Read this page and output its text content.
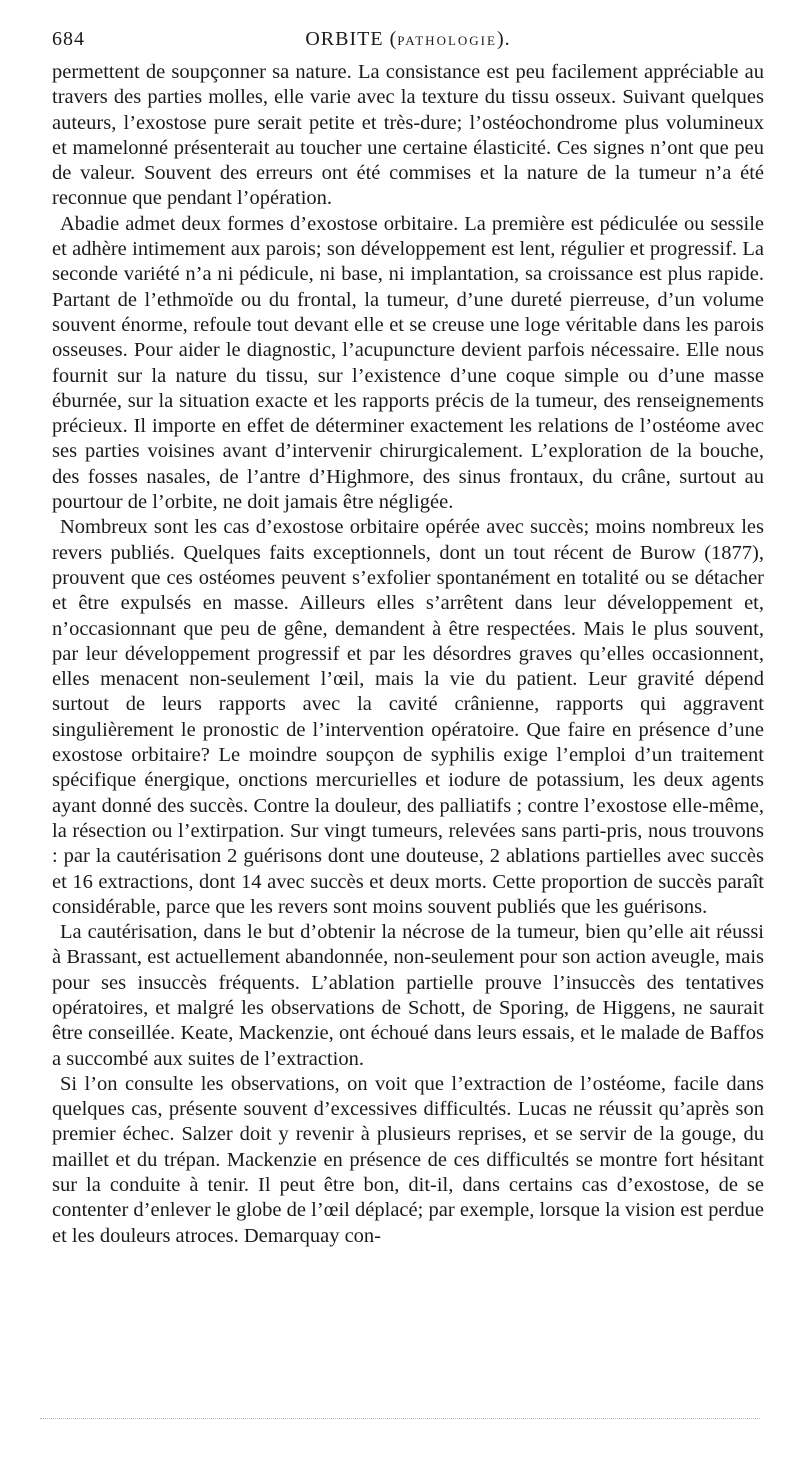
684	ORBITE (PATHOLOGIE).

permettent de soupçonner sa nature. La consistance est peu facilement appréciable au travers des parties molles, elle varie avec la texture du tissu osseux. Suivant quelques auteurs, l’exostose pure serait petite et très-dure; l’ostéochondrome plus volumineux et mamelonné présenterait au toucher une certaine élasticité. Ces signes n’ont que peu de valeur. Souvent des erreurs ont été commises et la nature de la tumeur n’a été reconnue que pendant l’opération.

Abadie admet deux formes d’exostose orbitaire. La première est pédiculée ou sessile et adhère intimement aux parois; son développement est lent, régulier et progressif. La seconde variété n’a ni pédicule, ni base, ni implantation, sa croissance est plus rapide. Partant de l’ethmoïde ou du frontal, la tumeur, d’une dureté pierreuse, d’un volume souvent énorme, refoule tout devant elle et se creuse une loge véritable dans les parois osseuses. Pour aider le diagnostic, l’acupuncture devient parfois nécessaire. Elle nous fournit sur la nature du tissu, sur l’existence d’une coque simple ou d’une masse éburnée, sur la situation exacte et les rapports précis de la tumeur, des renseignements précieux. Il importe en effet de déterminer exactement les relations de l’ostéome avec ses parties voisines avant d’intervenir chirurgicalement. L’exploration de la bouche, des fosses nasales, de l’antre d’Highmore, des sinus frontaux, du crâne, surtout au pourtour de l’orbite, ne doit jamais être négligée.

Nombreux sont les cas d’exostose orbitaire opérée avec succès; moins nombreux les revers publiés. Quelques faits exceptionnels, dont un tout récent de Burow (1877), prouvent que ces ostéomes peuvent s’exfolier spontanément en totalité ou se détacher et être expulsés en masse. Ailleurs elles s’arrêtent dans leur développement et, n’occasionnant que peu de gêne, demandent à être respectées. Mais le plus souvent, par leur développement progressif et par les désordres graves qu’elles occasionnent, elles menacent non-seulement l’œil, mais la vie du patient. Leur gravité dépend surtout de leurs rapports avec la cavité crânienne, rapports qui aggravent singulièrement le pronostic de l’intervention opératoire. Que faire en présence d’une exostose orbitaire? Le moindre soupçon de syphilis exige l’emploi d’un traitement spécifique énergique, onctions mercurielles et iodure de potassium, les deux agents ayant donné des succès. Contre la douleur, des palliatifs ; contre l’exostose elle-même, la résection ou l’extirpation. Sur vingt tumeurs, relevées sans parti-pris, nous trouvons : par la cautérisation 2 guérisons dont une douteuse, 2 ablations partielles avec succès et 16 extractions, dont 14 avec succès et deux morts. Cette proportion de succès paraît considérable, parce que les revers sont moins souvent publiés que les guérisons.

La cautérisation, dans le but d’obtenir la nécrose de la tumeur, bien qu’elle ait réussi à Brassant, est actuellement abandonnée, non-seulement pour son action aveugle, mais pour ses insuccès fréquents. L’ablation partielle prouve l’insuccès des tentatives opératoires, et malgré les observations de Schott, de Sporing, de Higgens, ne saurait être conseillée. Keate, Mackenzie, ont échoué dans leurs essais, et le malade de Baffos a succombé aux suites de l’extraction.

Si l’on consulte les observations, on voit que l’extraction de l’ostéome, facile dans quelques cas, présente souvent d’excessives difficultés. Lucas ne réussit qu’après son premier échec. Salzer doit y revenir à plusieurs reprises, et se servir de la gouge, du maillet et du trépan. Mackenzie en présence de ces difficultés se montre fort hésitant sur la conduite à tenir. Il peut être bon, dit-il, dans certains cas d’exostose, de se contenter d’enlever le globe de l’œil déplacé; par exemple, lorsque la vision est perdue et les douleurs atroces. Demarquay con-
